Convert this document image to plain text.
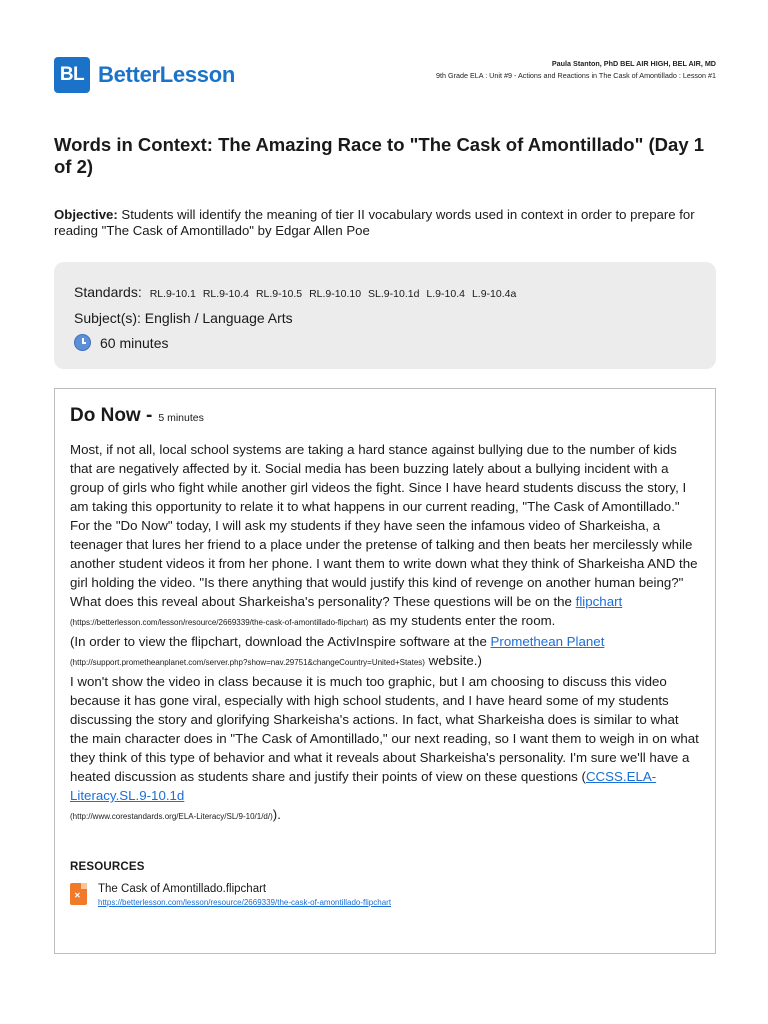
BL BetterLesson	Paula Stanton, PhD BEL AIR HIGH, BEL AIR, MD
9th Grade ELA : Unit #9 - Actions and Reactions in The Cask of Amontillado : Lesson #1
Words in Context: The Amazing Race to "The Cask of Amontillado" (Day 1 of 2)
Objective: Students will identify the meaning of tier II vocabulary words used in context in order to prepare for reading "The Cask of Amontillado" by Edgar Allen Poe
Standards: RL.9-10.1 RL.9-10.4 RL.9-10.5 RL.9-10.10 SL.9-10.1d L.9-10.4 L.9-10.4a
Subject(s): English / Language Arts
60 minutes
Do Now - 5 minutes

Most, if not all, local school systems are taking a hard stance against bullying due to the number of kids that are negatively affected by it. Social media has been buzzing lately about a bullying incident with a group of girls who fight while another girl videos the fight. Since I have heard students discuss the story, I am taking this opportunity to relate it to what happens in our current reading, "The Cask of Amontillado."

For the "Do Now" today, I will ask my students if they have seen the infamous video of Sharkeisha, a teenager that lures her friend to a place under the pretense of talking and then beats her mercilessly while another student videos it from her phone. I want them to write down what they think of Sharkeisha AND the girl holding the video. "Is there anything that would justify this kind of revenge on another human being?" What does this reveal about Sharkeisha's personality? These questions will be on the flipchart
(https://betterlesson.com/lesson/resource/2669339/the-cask-of-amontillado-flipchart) as my students enter the room.

(In order to view the flipchart, download the ActivInspire software at the Promethean Planet
(http://support.prometheanplanet.com/server.php?show=nav.29751&changeCountry=United+States) website.)

I won't show the video in class because it is much too graphic, but I am choosing to discuss this video because it has gone viral, especially with high school students, and I have heard some of my students discussing the story and glorifying Sharkeisha's actions. In fact, what Sharkeisha does is similar to what the main character does in "The Cask of Amontillado," our next reading, so I want them to weigh in on what they think of this type of behavior and what it reveals about Sharkeisha's personality. I'm sure we'll have a heated discussion as students share and justify their points of view on these questions (CCSS.ELA-Literacy.SL.9-10.1d
(http://www.corestandards.org/ELA-Literacy/SL/9-10/1/d/)).

RESOURCES
✕
The Cask of Amontillado.flipchart
https://betterlesson.com/lesson/resource/2669339/the-cask-of-amontillado-flipchart
